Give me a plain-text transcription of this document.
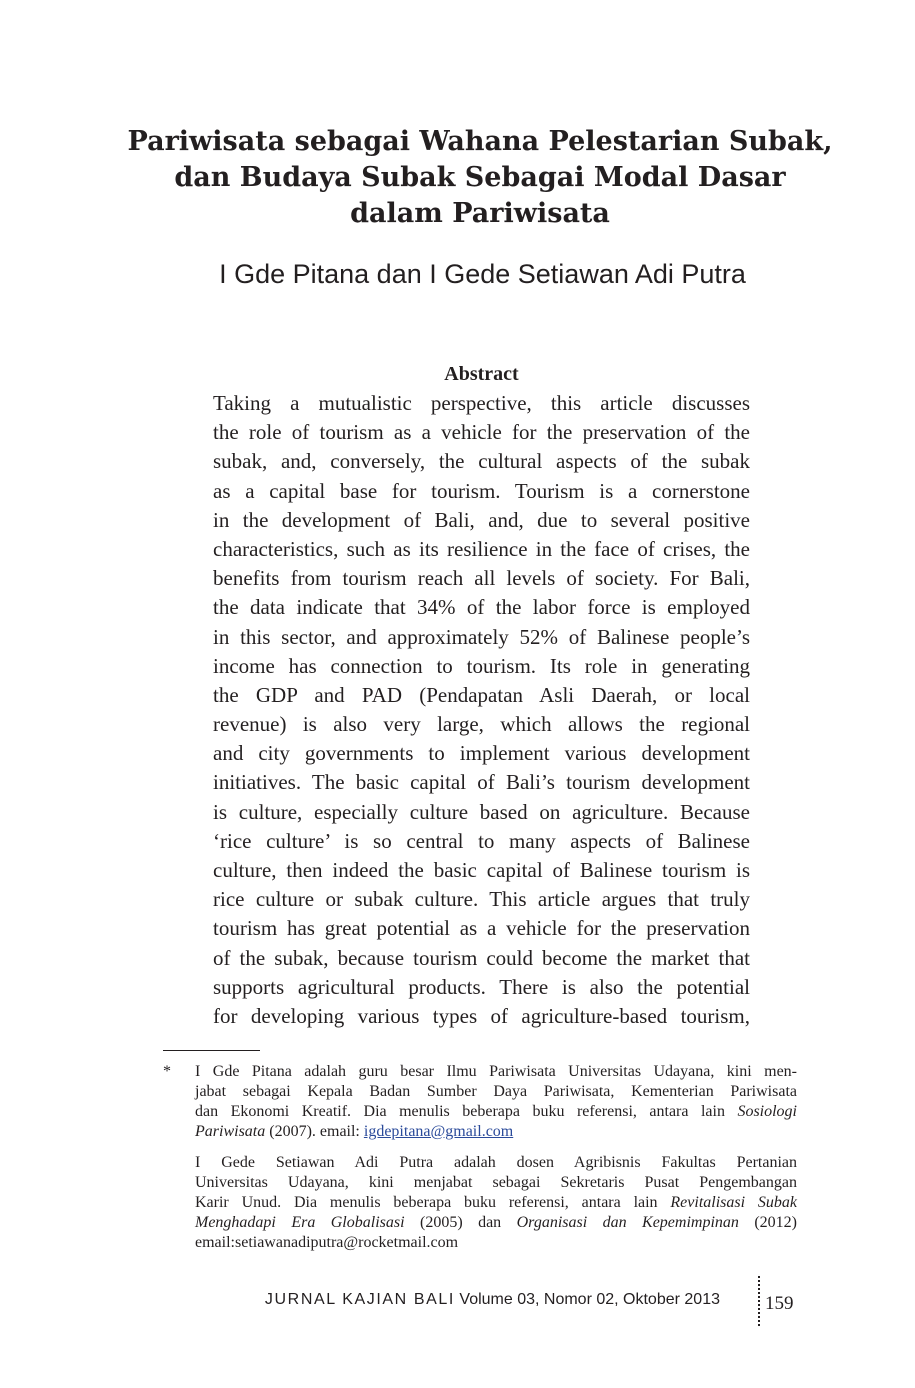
Pariwisata sebagai Wahana Pelestarian Subak,
dan Budaya Subak Sebagai Modal Dasar
dalam Pariwisata
I Gde Pitana dan I Gede Setiawan Adi Putra
Abstract
Taking a mutualistic perspective, this article discusses
the role of tourism as a vehicle for the preservation of the
subak, and, conversely, the cultural aspects of the subak
as a capital base for tourism. Tourism is a cornerstone
in the development of Bali, and, due to several positive
characteristics, such as its resilience in the face of crises, the
benefits from tourism reach all levels of society. For Bali,
the data indicate that 34% of the labor force is employed
in this sector, and approximately 52% of Balinese people’s
income has connection to tourism. Its role in generating
the GDP and PAD (Pendapatan Asli Daerah, or local
revenue) is also very large, which allows the regional
and city governments to implement various development
initiatives. The basic capital of Bali’s tourism development
is culture, especially culture based on agriculture. Because
‘rice culture’ is so central to many aspects of Balinese
culture, then indeed the basic capital of Balinese tourism is
rice culture or subak culture. This article argues that truly
tourism has great potential as a vehicle for the preservation
of the subak, because tourism could become the market that
supports agricultural products. There is also the potential
for developing various types of agriculture-based tourism,
* I Gde Pitana adalah guru besar Ilmu Pariwisata Universitas Udayana, kini men-
jabat sebagai Kepala Badan Sumber Daya Pariwisata, Kementerian Pariwisata
dan Ekonomi Kreatif. Dia menulis beberapa buku referensi, antara lain Sosiologi
Pariwisata (2007). email: igdepitana@gmail.com
I Gede Setiawan Adi Putra adalah dosen Agribisnis Fakultas Pertanian
Universitas Udayana, kini menjabat sebagai Sekretaris Pusat Pengembangan
Karir Unud. Dia menulis beberapa buku referensi, antara lain Revitalisasi Subak
Menghadapi Era Globalisasi (2005) dan Organisasi dan Kepemimpinan (2012)
email:setiawanadiputra@rocketmail.com
JURNAL KAJIAN BALI Volume 03, Nomor 02, Oktober 2013 159
